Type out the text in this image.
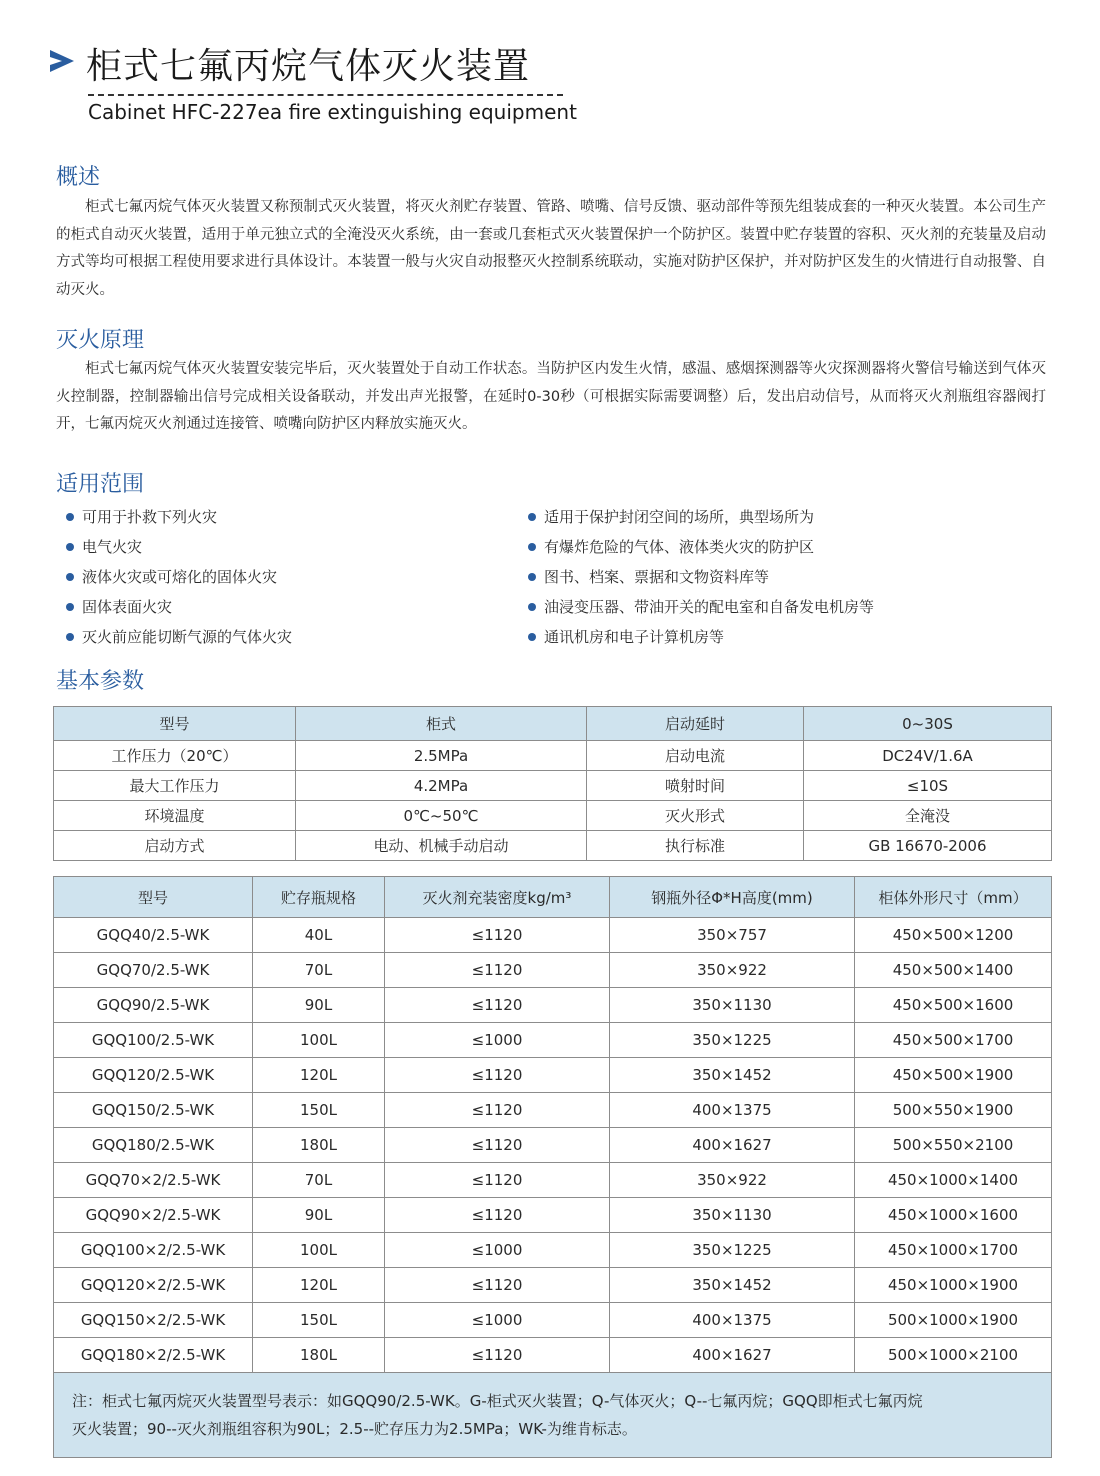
柜式七氟丙烷气体灭火装置
Cabinet HFC-227ea fire extinguishing equipment
概述
柜式七氟丙烷气体灭火装置又称预制式灭火装置，将灭火剂贮存装置、管路、喷嘴、信号反馈、驱动部件等预先组装成套的一种灭火装置。本公司生产的柜式自动灭火装置，适用于单元独立式的全淹没灭火系统，由一套或几套柜式灭火装置保护一个防护区。装置中贮存装置的容积、灭火剂的充装量及启动方式等均可根据工程使用要求进行具体设计。本装置一般与火灾自动报整灭火控制系统联动，实施对防护区保护，并对防护区发生的火情进行自动报警、自动灭火。
灭火原理
柜式七氟丙烷气体灭火装置安装完毕后，灭火装置处于自动工作状态。当防护区内发生火情，感温、感烟探测器等火灾探测器将火警信号输送到气体灭火控制器，控制器输出信号完成相关设备联动，并发出声光报警，在延时0-30秒（可根据实际需要调整）后，发出启动信号，从而将灭火剂瓶组容器阀打开，七氟丙烷灭火剂通过连接管、喷嘴向防护区内释放实施灭火。
适用范围
可用于扑救下列火灾
电气火灾
液体火灾或可熔化的固体火灾
固体表面火灾
灭火前应能切断气源的气体火灾
适用于保护封闭空间的场所，典型场所为
有爆炸危险的气体、液体类火灾的防护区
图书、档案、票据和文物资料库等
油浸变压器、带油开关的配电室和自备发电机房等
通讯机房和电子计算机房等
基本参数
型号	柜式	启动延时	0~30S
工作压力（20℃）	2.5MPa	启动电流	DC24V/1.6A
最大工作压力	4.2MPa	喷射时间	≤10S
环境温度	0℃~50℃	灭火形式	全淹没
启动方式	电动、机械手动启动	执行标准	GB 16670-2006
型号	贮存瓶规格	灭火剂充装密度kg/m³	钢瓶外径Φ*H高度(mm)	柜体外形尺寸（mm）
GQQ40/2.5-WK	40L	≤1120	350×757	450×500×1200
GQQ70/2.5-WK	70L	≤1120	350×922	450×500×1400
GQQ90/2.5-WK	90L	≤1120	350×1130	450×500×1600
GQQ100/2.5-WK	100L	≤1000	350×1225	450×500×1700
GQQ120/2.5-WK	120L	≤1120	350×1452	450×500×1900
GQQ150/2.5-WK	150L	≤1120	400×1375	500×550×1900
GQQ180/2.5-WK	180L	≤1120	400×1627	500×550×2100
GQQ70×2/2.5-WK	70L	≤1120	350×922	450×1000×1400
GQQ90×2/2.5-WK	90L	≤1120	350×1130	450×1000×1600
GQQ100×2/2.5-WK	100L	≤1000	350×1225	450×1000×1700
GQQ120×2/2.5-WK	120L	≤1120	350×1452	450×1000×1900
GQQ150×2/2.5-WK	150L	≤1000	400×1375	500×1000×1900
GQQ180×2/2.5-WK	180L	≤1120	400×1627	500×1000×2100

注：柜式七氟丙烷灭火装置型号表示：如GQQ90/2.5-WK。G-柜式灭火装置；Q-气体灭火；Q--七氟丙烷；GQQ即柜式七氟丙烷
灭火装置；90--灭火剂瓶组容积为90L；2.5--贮存压力为2.5MPa；WK-为维肯标志。				
